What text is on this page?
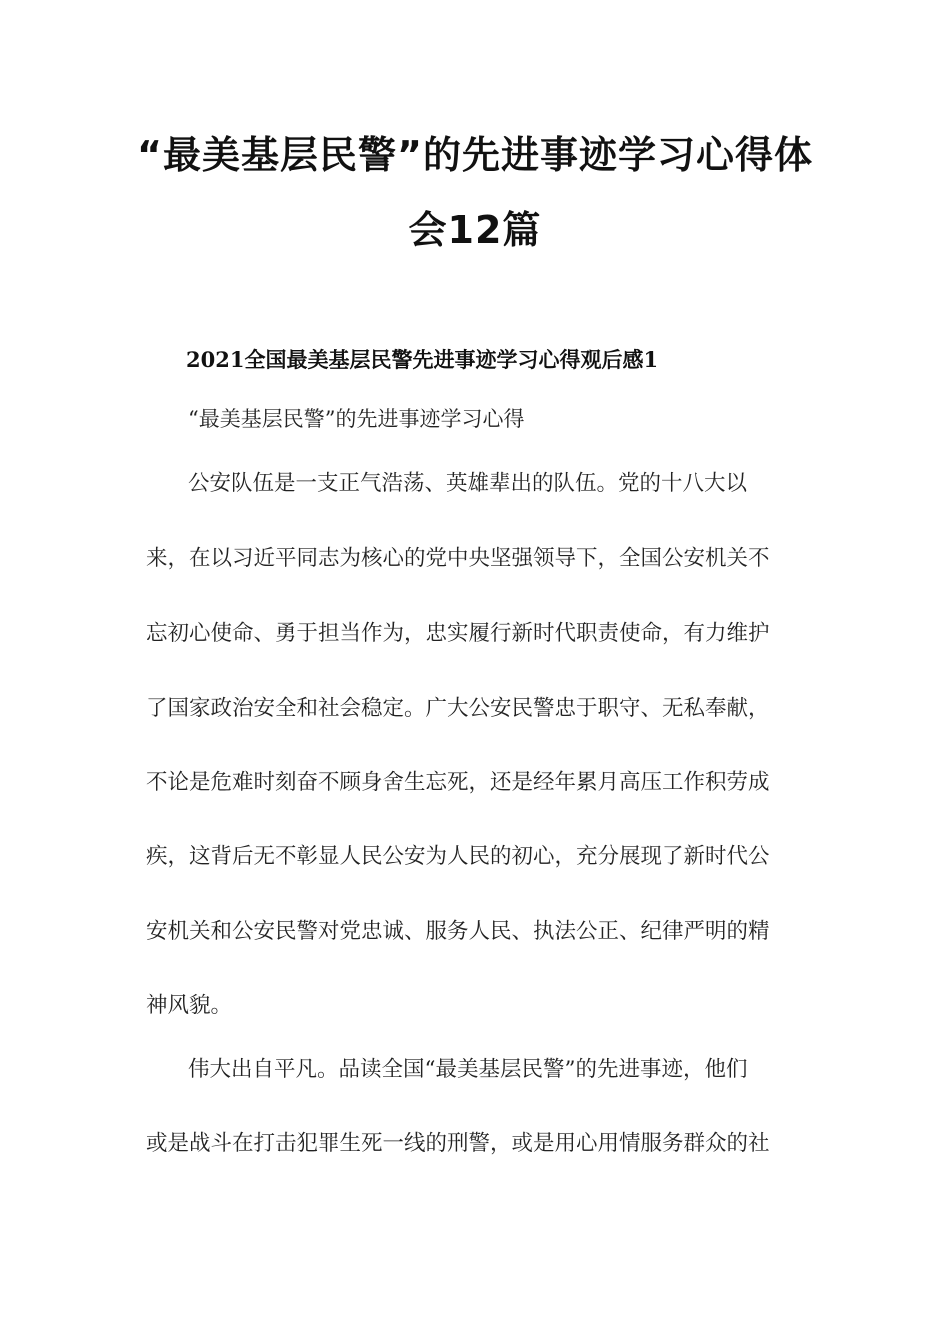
“最美基层民警”的先进事迹学习心得体
会12篇
2021全国最美基层民警先进事迹学习心得观后感1
“最美基层民警”的先进事迹学习心得
公安队伍是一支正气浩荡、英雄辈出的队伍。党的十八大以
来，在以习近平同志为核心的党中央坚强领导下，全国公安机关不
忘初心使命、勇于担当作为，忠实履行新时代职责使命，有力维护
了国家政治安全和社会稳定。广大公安民警忠于职守、无私奉献，
不论是危难时刻奋不顾身舍生忘死，还是经年累月高压工作积劳成
疾，这背后无不彰显人民公安为人民的初心，充分展现了新时代公
安机关和公安民警对党忠诚、服务人民、执法公正、纪律严明的精
神风貌。
伟大出自平凡。品读全国“最美基层民警”的先进事迹，他们
或是战斗在打击犯罪生死一线的刑警，或是用心用情服务群众的社
